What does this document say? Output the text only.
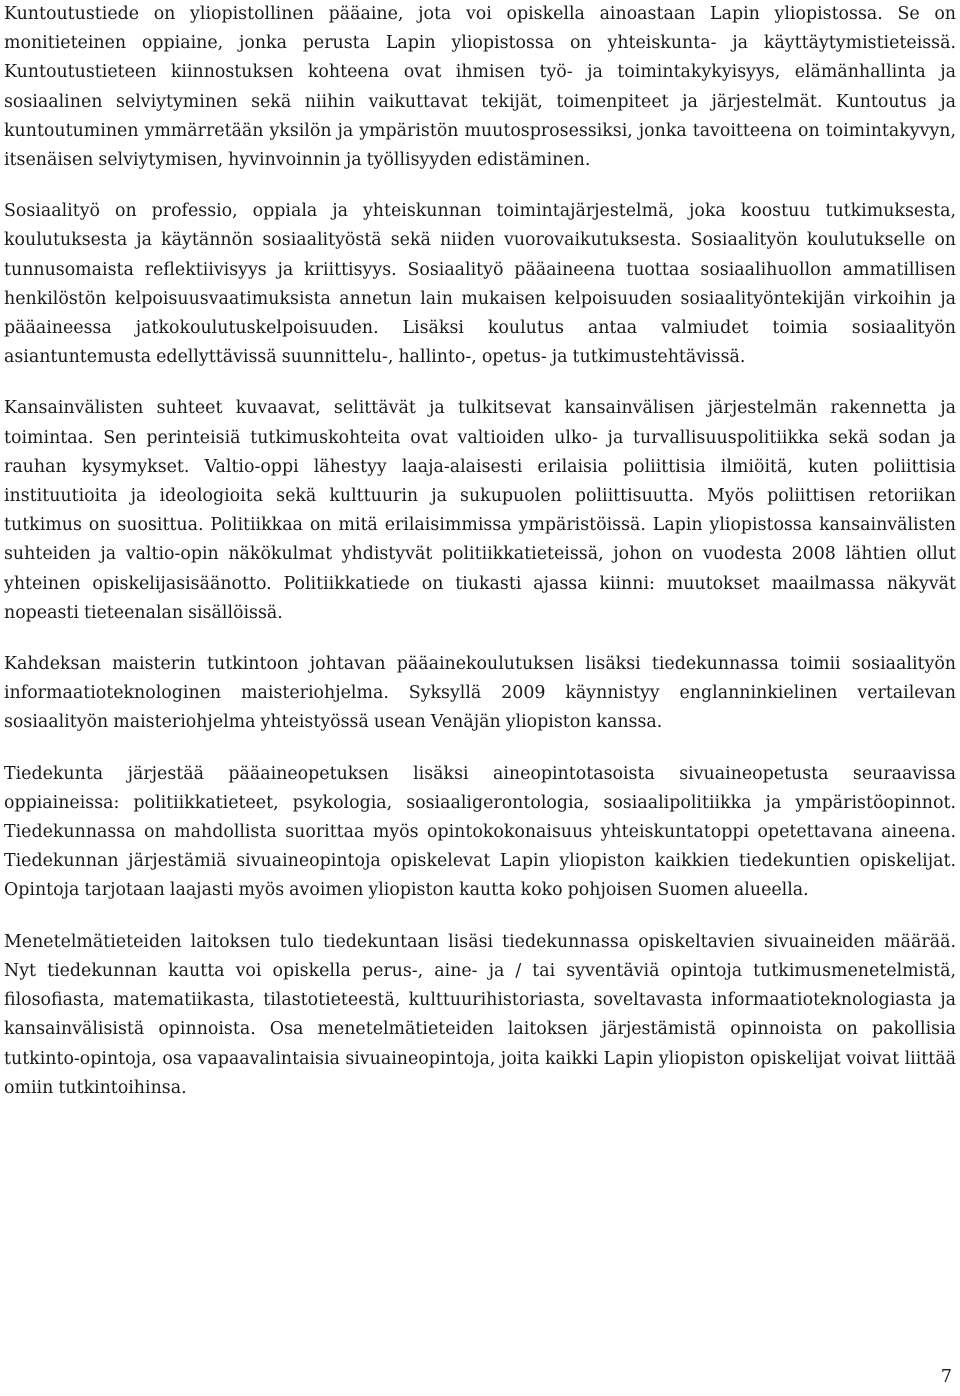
Kuntoutustiede on yliopistollinen pääaine, jota voi opiskella ainoastaan Lapin yliopistossa. Se on monitieteinen oppiaine, jonka perusta Lapin yliopistossa on yhteiskunta- ja käyttäytymistieteissä. Kuntoutustieteen kiinnostuksen kohteena ovat ihmisen työ- ja toimintakykyisyys, elämänhallinta ja sosiaalinen selviytyminen sekä niihin vaikuttavat tekijät, toimenpiteet ja järjestelmät. Kuntoutus ja kuntoutuminen ymmärretään yksilön ja ympäristön muutosprosessiksi, jonka tavoitteena on toimintakyvyn, itsenäisen selviytymisen, hyvinvoinnin ja työllisyyden edistäminen.

Sosiaalityö on professio, oppiala ja yhteiskunnan toimintajärjestelmä, joka koostuu tutkimuksesta, koulutuksesta ja käytännön sosiaalityöstä sekä niiden vuorovaikutuksesta. Sosiaalityön koulutukselle on tunnusomaista reflektiivisyys ja kriittisyys. Sosiaalityö pääaineena tuottaa sosiaalihuollon ammatillisen henkilöstön kelpoisuusvaatimuksista annetun lain mukaisen kelpoisuuden sosiaalityöntekijän virkoihin ja pääaineessa jatkokoulutuskelpoisuuden. Lisäksi koulutus antaa valmiudet toimia sosiaalityön asiantuntemusta edellyttävissä suunnittelu-, hallinto-, opetus- ja tutkimustehtävissä.

Kansainvälisten suhteet kuvaavat, selittävät ja tulkitsevat kansainvälisen järjestelmän rakennetta ja toimintaa. Sen perinteisiä tutkimuskohteita ovat valtioiden ulko- ja turvallisuuspolitiikka sekä sodan ja rauhan kysymykset. Valtio-oppi lähestyy laaja-alaisesti erilaisia poliittisia ilmiöitä, kuten poliittisia instituutioita ja ideologioita sekä kulttuurin ja sukupuolen poliittisuutta. Myös poliittisen retoriikan tutkimus on suosittua. Politiikkaa on mitä erilaisimmissa ympäristöissä. Lapin yliopistossa kansainvälisten suhteiden ja valtio-opin näkökulmat yhdistyvät politiikkatieteissä, johon on vuodesta 2008 lähtien ollut yhteinen opiskelijasisäänotto. Politiikkatiede on tiukasti ajassa kiinni: muutokset maailmassa näkyvät nopeasti tieteenalan sisällöissä.

Kahdeksan maisterin tutkintoon johtavan pääainekoulutuksen lisäksi tiedekunnassa toimii sosiaalityön informaatioteknologinen maisteriohjelma. Syksyllä 2009 käynnistyy englanninkielinen vertailevan sosiaalityön maisteriohjelma yhteistyössä usean Venäjän yliopiston kanssa.

Tiedekunta järjestää pääaineopetuksen lisäksi aineopintotasoista sivuaineopetusta seuraavissa oppiaineissa: politiikkatieteet, psykologia, sosiaaligerontologia, sosiaalipolitiikka ja ympäristöopinnot. Tiedekunnassa on mahdollista suorittaa myös opintokokonaisuus yhteiskuntatoppi opetettavana aineena. Tiedekunnan järjestämiä sivuaineopintoja opiskelevat Lapin yliopiston kaikkien tiedekuntien opiskelijat. Opintoja tarjotaan laajasti myös avoimen yliopiston kautta koko pohjoisen Suomen alueella.

Menetelmätieteiden laitoksen tulo tiedekuntaan lisäsi tiedekunnassa opiskeltavien sivuaineiden määrää. Nyt tiedekunnan kautta voi opiskella perus-, aine- ja / tai syventäviä opintoja tutkimusmenetelmistä, filosofiasta, matematiikasta, tilastotieteestä, kulttuurihistoriasta, soveltavasta informaatioteknologiasta ja kansainvälisistä opinnoista. Osa menetelmätieteiden laitoksen järjestämistä opinnoista on pakollisia tutkinto-opintoja, osa vapaavalintaisia sivuaineopintoja, joita kaikki Lapin yliopiston opiskelijat voivat liittää omiin tutkintoihinsa.

7
